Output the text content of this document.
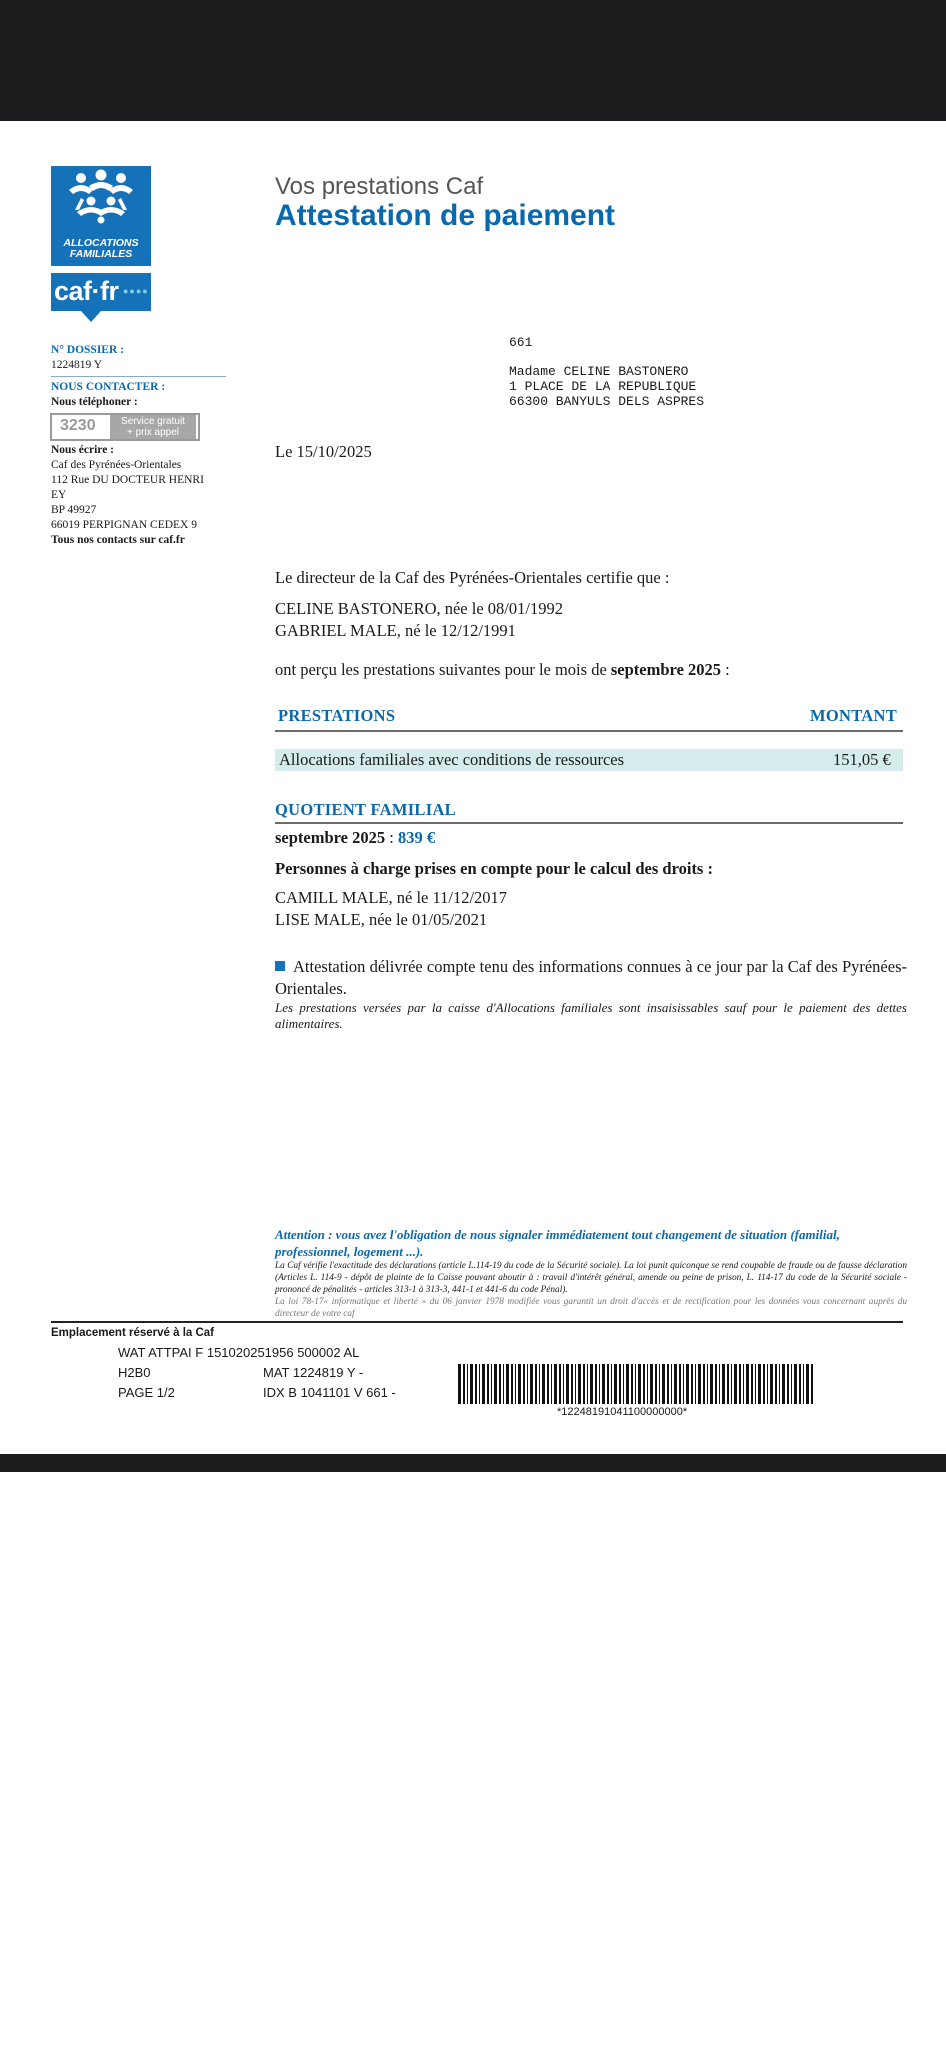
ALLOCATIONS
FAMILIALES
caf·fr ●●●●
N° DOSSIER :
1224819 Y
NOUS CONTACTER :
Nous téléphoner :
3230	Service gratuit
+ prix appel
Nous écrire :
Caf des Pyrénées-Orientales
112 Rue DU DOCTEUR HENRI
EY
BP 49927
66019 PERPIGNAN CEDEX 9
Tous nos contacts sur caf.fr
Vos prestations Caf
Attestation de paiement
661
Madame CELINE BASTONERO
1 PLACE DE LA REPUBLIQUE
66300 BANYULS DELS ASPRES
Le 15/10/2025
Le directeur de la Caf des Pyrénées-Orientales certifie que :
CELINE BASTONERO, née le 08/01/1992
GABRIEL MALE, né le 12/12/1991
ont perçu les prestations suivantes pour le mois de septembre 2025 :
PRESTATIONS	MONTANT
Allocations familiales avec conditions de ressources	151,05 €
QUOTIENT FAMILIAL
septembre 2025 : 839 €
Personnes à charge prises en compte pour le calcul des droits :
CAMILL MALE, né le 11/12/2017
LISE MALE, née le 01/05/2021
Attestation délivrée compte tenu des informations connues à ce jour par la Caf des Pyrénées-Orientales.
Les prestations versées par la caisse d'Allocations familiales sont insaisissables sauf pour le paiement des dettes alimentaires.
Attention : vous avez l'obligation de nous signaler immédiatement tout changement de situation (familial, professionnel, logement ...).
La Caf vérifie l'exactitude des déclarations (article L.114-19 du code de la Sécurité sociale). La loi punit quiconque se rend coupable de fraude ou de fausse déclaration (Articles L. 114-9 - dépôt de plainte de la Caisse pouvant aboutir à : travail d'intérêt général, amende ou peine de prison, L. 114-17 du code de la Sécurité sociale - prononcé de pénalités - articles 313-1 à 313-3, 441-1 et 441-6 du code Pénal).
La loi 78-17« informatique et liberté » du 06 janvier 1978 modifiée vous garantit un droit d'accès et de rectification pour les données vous concernant auprès du directeur de votre caf
Emplacement réservé à la Caf
WAT ATTPAI F 151020251956 500002 AL
H2B0	MAT 1224819 Y -
PAGE 1/2	IDX B 1041101 V 661 -
*12248191041100000000*
